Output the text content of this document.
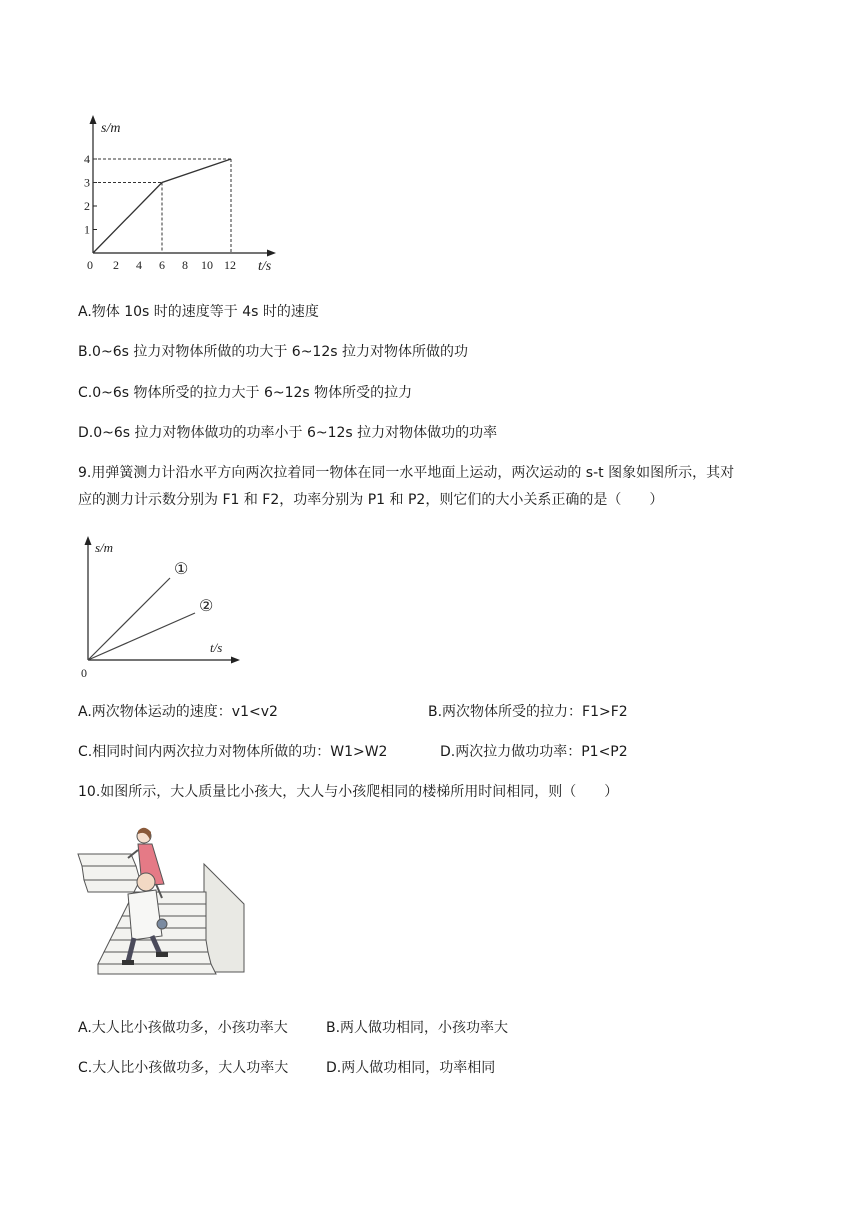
s/m
t/s
1
2
3
4
0 2 4 6 8 10 12
A.物体 10s 时的速度等于 4s 时的速度
B.0~6s 拉力对物体所做的功大于 6~12s 拉力对物体所做的功
C.0~6s 物体所受的拉力大于 6~12s 物体所受的拉力
D.0~6s 拉力对物体做功的功率小于 6~12s 拉力对物体做功的功率
9.用弹簧测力计沿水平方向两次拉着同一物体在同一水平地面上运动，两次运动的 s-t 图象如图所示，其对
应的测力计示数分别为 F1 和 F2，功率分别为 P1 和 P2，则它们的大小关系正确的是（　　）
s/m
t/s
0
①
②
A.两次物体运动的速度：v1<v2	B.两次物体所受的拉力：F1>F2
C.相同时间内两次拉力对物体所做的功：W1>W2	D.两次拉力做功功率：P1<P2
10.如图所示，大人质量比小孩大，大人与小孩爬相同的楼梯所用时间相同，则（　　）
A.大人比小孩做功多，小孩功率大	B.两人做功相同，小孩功率大
C.大人比小孩做功多，大人功率大	D.两人做功相同，功率相同
